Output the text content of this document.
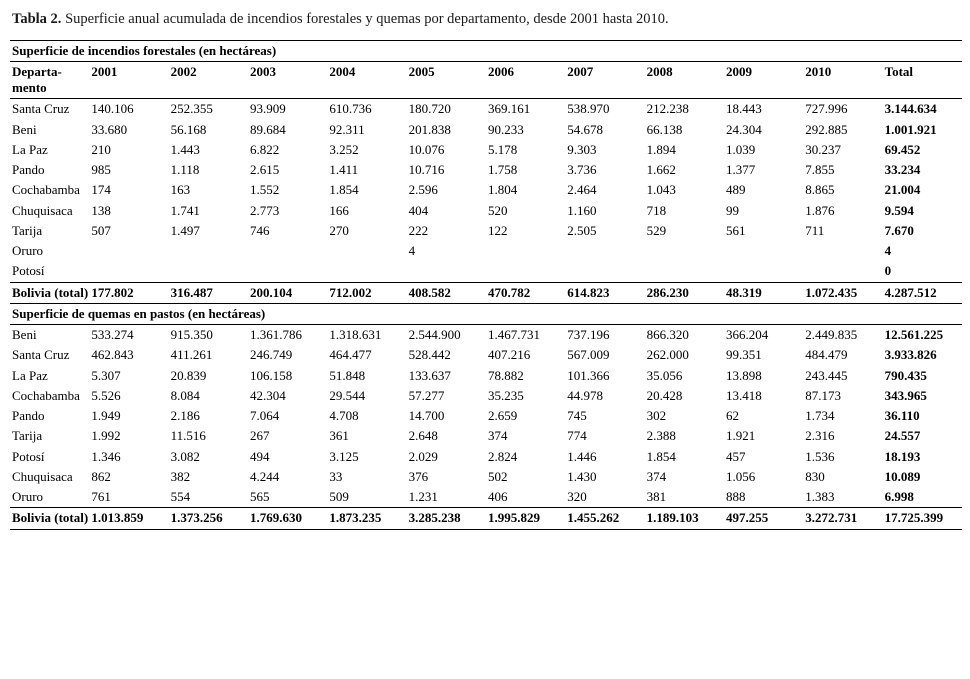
Tabla 2. Superficie anual acumulada de incendios forestales y quemas por departamento, desde 2001 hasta 2010.
Superficie de incendios forestales (en hectáreas)											
Departa-
mento	2001	2002	2003	2004	2005	2006	2007	2008	2009	2010	Total
Santa Cruz	140.106	252.355	93.909	610.736	180.720	369.161	538.970	212.238	18.443	727.996	3.144.634
Beni	33.680	56.168	89.684	92.311	201.838	90.233	54.678	66.138	24.304	292.885	1.001.921
La Paz	210	1.443	6.822	3.252	10.076	5.178	9.303	1.894	1.039	30.237	69.452
Pando	985	1.118	2.615	1.411	10.716	1.758	3.736	1.662	1.377	7.855	33.234
Cochabamba	174	163	1.552	1.854	2.596	1.804	2.464	1.043	489	8.865	21.004
Chuquisaca	138	1.741	2.773	166	404	520	1.160	718	99	1.876	9.594
Tarija	507	1.497	746	270	222	122	2.505	529	561	711	7.670
Oruro					4						4
Potosí											0
Bolivia (total)	177.802	316.487	200.104	712.002	408.582	470.782	614.823	286.230	48.319	1.072.435	4.287.512
Superficie de quemas en pastos (en hectáreas)											
Beni	533.274	915.350	1.361.786	1.318.631	2.544.900	1.467.731	737.196	866.320	366.204	2.449.835	12.561.225
Santa Cruz	462.843	411.261	246.749	464.477	528.442	407.216	567.009	262.000	99.351	484.479	3.933.826
La Paz	5.307	20.839	106.158	51.848	133.637	78.882	101.366	35.056	13.898	243.445	790.435
Cochabamba	5.526	8.084	42.304	29.544	57.277	35.235	44.978	20.428	13.418	87.173	343.965
Pando	1.949	2.186	7.064	4.708	14.700	2.659	745	302	62	1.734	36.110
Tarija	1.992	11.516	267	361	2.648	374	774	2.388	1.921	2.316	24.557
Potosí	1.346	3.082	494	3.125	2.029	2.824	1.446	1.854	457	1.536	18.193
Chuquisaca	862	382	4.244	33	376	502	1.430	374	1.056	830	10.089
Oruro	761	554	565	509	1.231	406	320	381	888	1.383	6.998
Bolivia (total)	1.013.859	1.373.256	1.769.630	1.873.235	3.285.238	1.995.829	1.455.262	1.189.103	497.255	3.272.731	17.725.399
